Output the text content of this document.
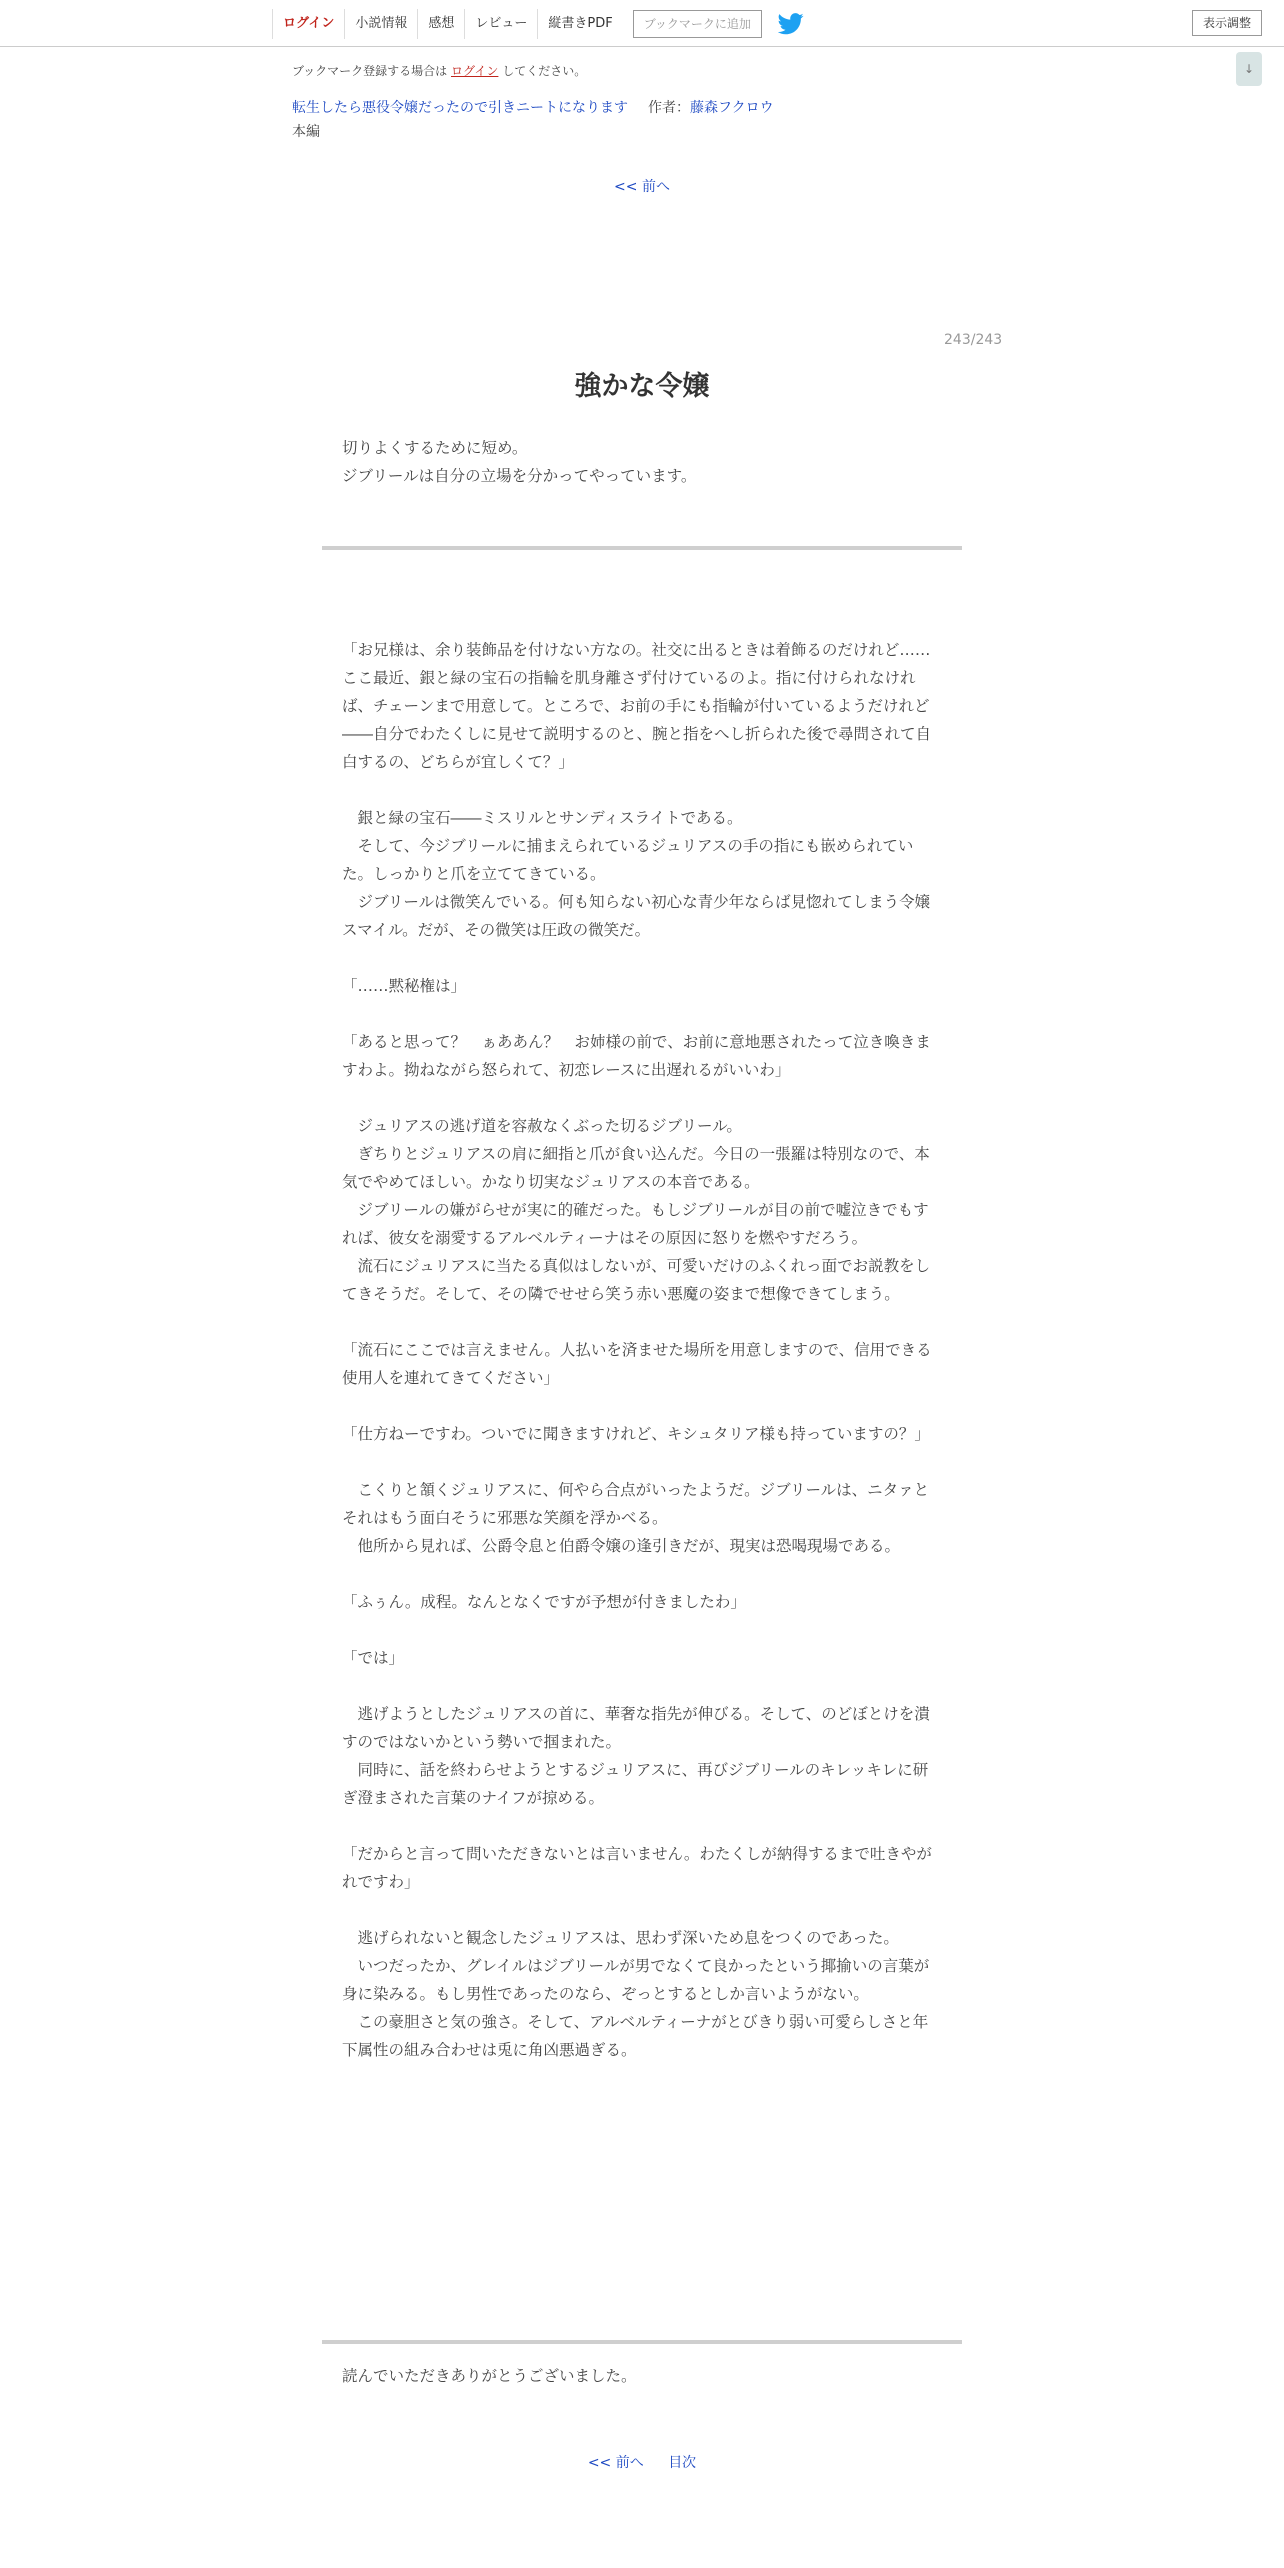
ログイン	小説情報	感想	レビュー	縦書きPDF	ブックマークに追加	表示調整
↓
ブックマーク登録する場合は ログイン してください。
転生したら悪役令嬢だったので引きニートになります 作者：藤森フクロウ
本編
<< 前へ
243/243
強かな令嬢
切りよくするために短め。
ジブリールは自分の立場を分かってやっています。
「お兄様は、余り装飾品を付けない方なの。社交に出るときは着飾るのだけれど……ここ最近、銀と緑の宝石の指輪を肌身離さず付けているのよ。指に付けられなければ、チェーンまで用意して。ところで、お前の手にも指輪が付いているようだけれど――自分でわたくしに見せて説明するのと、腕と指をへし折られた後で尋問されて自白するの、どちらが宜しくて？」

　銀と緑の宝石――ミスリルとサンディスライトである。
　そして、今ジブリールに捕まえられているジュリアスの手の指にも嵌められていた。しっかりと爪を立ててきている。
　ジブリールは微笑んでいる。何も知らない初心な青少年ならば見惚れてしまう令嬢スマイル。だが、その微笑は圧政の微笑だ。

「……黙秘権は」

「あると思って？　ぁああん？　お姉様の前で、お前に意地悪されたって泣き喚きますわよ。拗ねながら怒られて、初恋レースに出遅れるがいいわ」

　ジュリアスの逃げ道を容赦なくぶった切るジブリール。
　ぎちりとジュリアスの肩に細指と爪が食い込んだ。今日の一張羅は特別なので、本気でやめてほしい。かなり切実なジュリアスの本音である。
　ジブリールの嫌がらせが実に的確だった。もしジブリールが目の前で嘘泣きでもすれば、彼女を溺愛するアルベルティーナはその原因に怒りを燃やすだろう。
　流石にジュリアスに当たる真似はしないが、可愛いだけのふくれっ面でお説教をしてきそうだ。そして、その隣でせせら笑う赤い悪魔の姿まで想像できてしまう。

「流石にここでは言えません。人払いを済ませた場所を用意しますので、信用できる使用人を連れてきてください」

「仕方ねーですわ。ついでに聞きますけれど、キシュタリア様も持っていますの？」

　こくりと頷くジュリアスに、何やら合点がいったようだ。ジブリールは、ニタァとそれはもう面白そうに邪悪な笑顔を浮かべる。
　他所から見れば、公爵令息と伯爵令嬢の逢引きだが、現実は恐喝現場である。

「ふぅん。成程。なんとなくですが予想が付きましたわ」

「では」

　逃げようとしたジュリアスの首に、華奢な指先が伸びる。そして、のどぼとけを潰すのではないかという勢いで掴まれた。
　同時に、話を終わらせようとするジュリアスに、再びジブリールのキレッキレに研ぎ澄まされた言葉のナイフが掠める。

「だからと言って問いただきないとは言いません。わたくしが納得するまで吐きやがれですわ」

　逃げられないと観念したジュリアスは、思わず深いため息をつくのであった。
　いつだったか、グレイルはジブリールが男でなくて良かったという揶揄いの言葉が身に染みる。もし男性であったのなら、ぞっとするとしか言いようがない。
　この豪胆さと気の強さ。そして、アルベルティーナがとびきり弱い可愛らしさと年下属性の組み合わせは兎に角凶悪過ぎる。
読んでいただきありがとうございました。
<< 前へ 目次
